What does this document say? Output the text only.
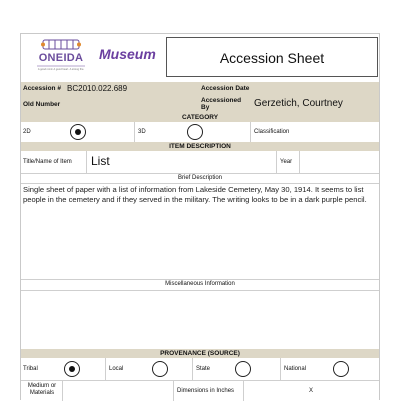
ONEIDA
A good mind. A good heart. A strong fire.
Museum	Accession Sheet
Accession # BC2010.022.689	Accession Date
Old Number
Accessioned By	Gerzetich, Courtney
CATEGORY
2D	3D	Classification
ITEM DESCRIPTION
Title/Name of Item List	Year
Brief Description
Single sheet of paper with a list of information from Lakeside Cemetery, May 30, 1914. It seems to list people in the cemetery and if they served in the military. The writing looks to be in a dark purple pencil.
Miscellaneous Information
PROVENANCE (SOURCE)
Tribal	Local	State	National
Medium or Materials	Dimensions in Inches	X
